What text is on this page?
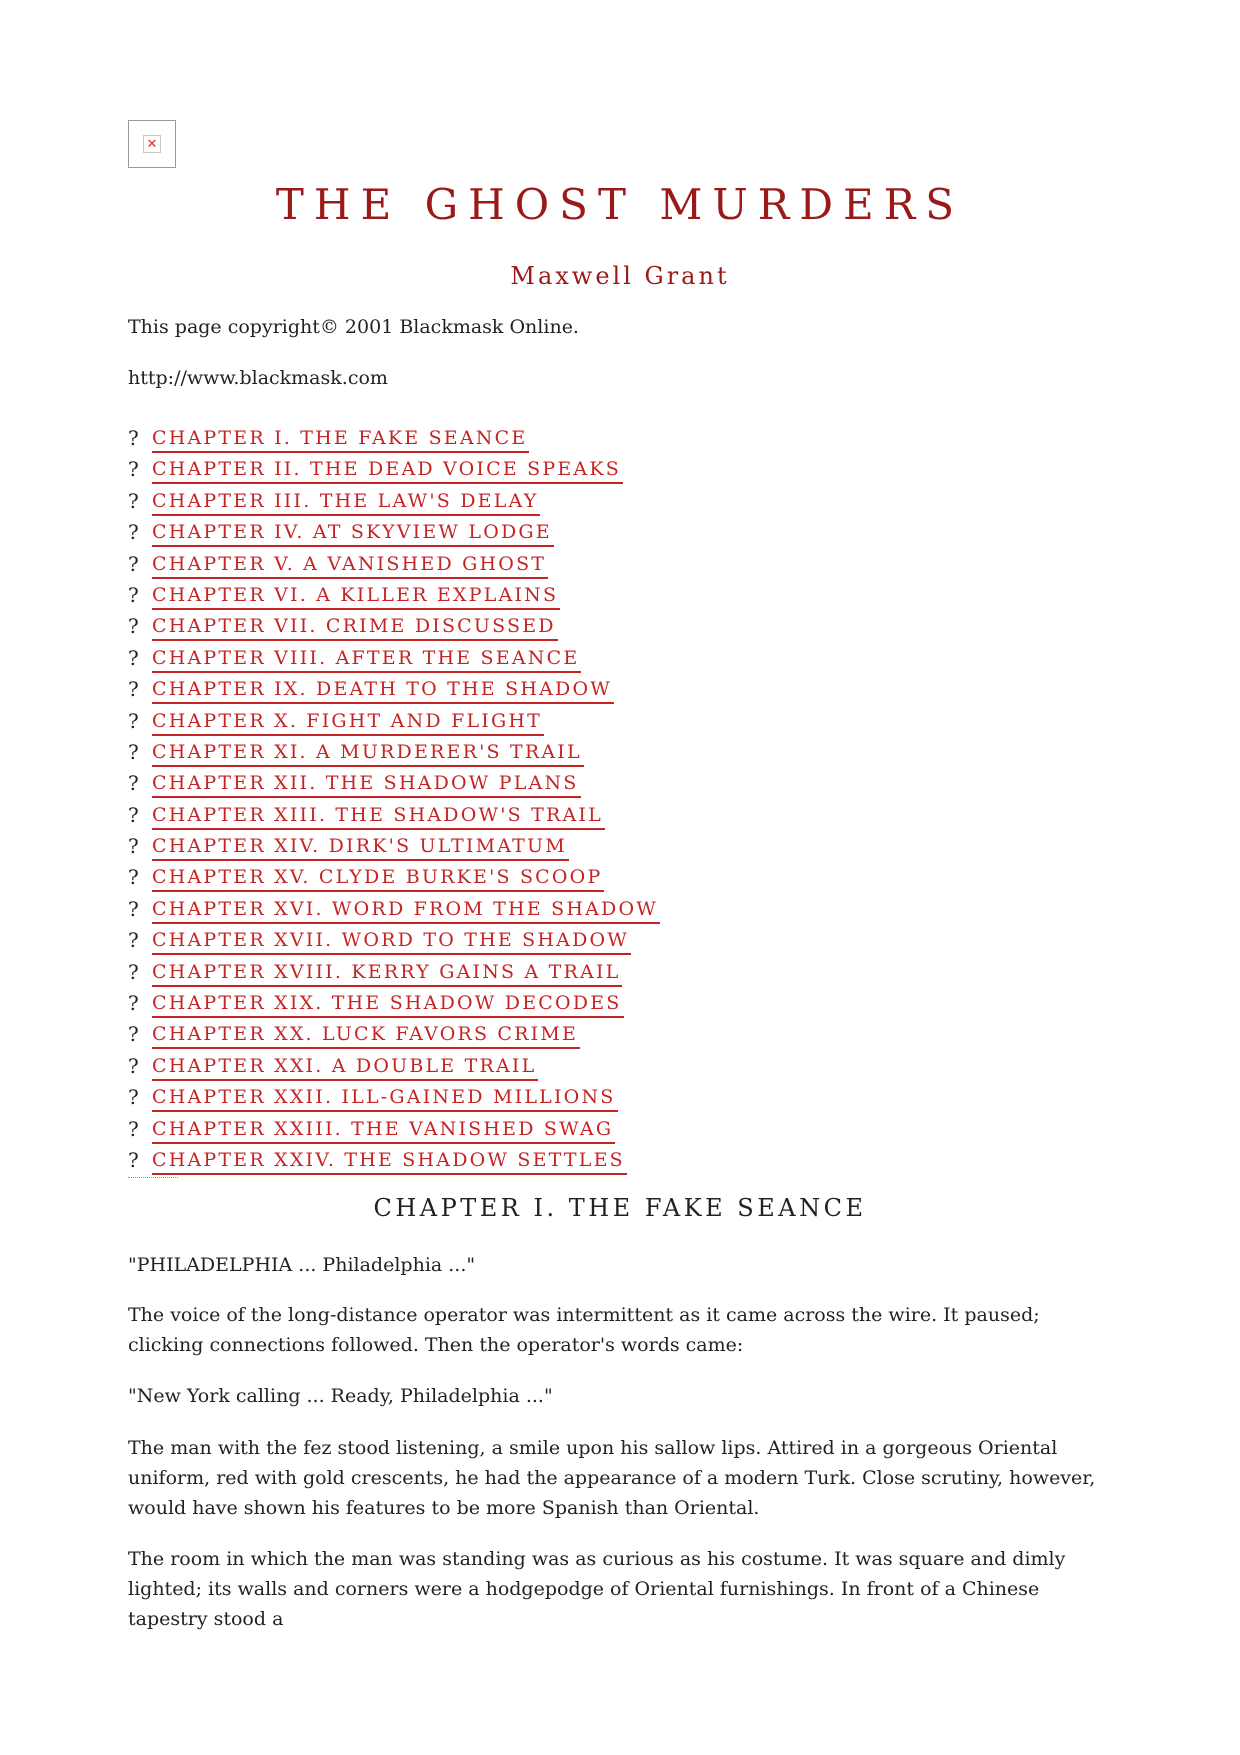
✕
THE GHOST MURDERS
Maxwell Grant
This page copyright© 2001 Blackmask Online.
http://www.blackmask.com
? CHAPTER I. THE FAKE SEANCE
? CHAPTER II. THE DEAD VOICE SPEAKS
? CHAPTER III. THE LAW'S DELAY
? CHAPTER IV. AT SKYVIEW LODGE
? CHAPTER V. A VANISHED GHOST
? CHAPTER VI. A KILLER EXPLAINS
? CHAPTER VII. CRIME DISCUSSED
? CHAPTER VIII. AFTER THE SEANCE
? CHAPTER IX. DEATH TO THE SHADOW
? CHAPTER X. FIGHT AND FLIGHT
? CHAPTER XI. A MURDERER'S TRAIL
? CHAPTER XII. THE SHADOW PLANS
? CHAPTER XIII. THE SHADOW'S TRAIL
? CHAPTER XIV. DIRK'S ULTIMATUM
? CHAPTER XV. CLYDE BURKE'S SCOOP
? CHAPTER XVI. WORD FROM THE SHADOW
? CHAPTER XVII. WORD TO THE SHADOW
? CHAPTER XVIII. KERRY GAINS A TRAIL
? CHAPTER XIX. THE SHADOW DECODES
? CHAPTER XX. LUCK FAVORS CRIME
? CHAPTER XXI. A DOUBLE TRAIL
? CHAPTER XXII. ILL-GAINED MILLIONS
? CHAPTER XXIII. THE VANISHED SWAG
? CHAPTER XXIV. THE SHADOW SETTLES
CHAPTER I. THE FAKE SEANCE

"PHILADELPHIA ... Philadelphia ..."

The voice of the long-distance operator was intermittent as it came across the wire. It paused; clicking connections followed. Then the operator's words came:

"New York calling ... Ready, Philadelphia ..."

The man with the fez stood listening, a smile upon his sallow lips. Attired in a gorgeous Oriental uniform, red with gold crescents, he had the appearance of a modern Turk. Close scrutiny, however, would have shown his features to be more Spanish than Oriental.

The room in which the man was standing was as curious as his costume. It was square and dimly lighted; its walls and corners were a hodgepodge of Oriental furnishings. In front of a Chinese tapestry stood a
